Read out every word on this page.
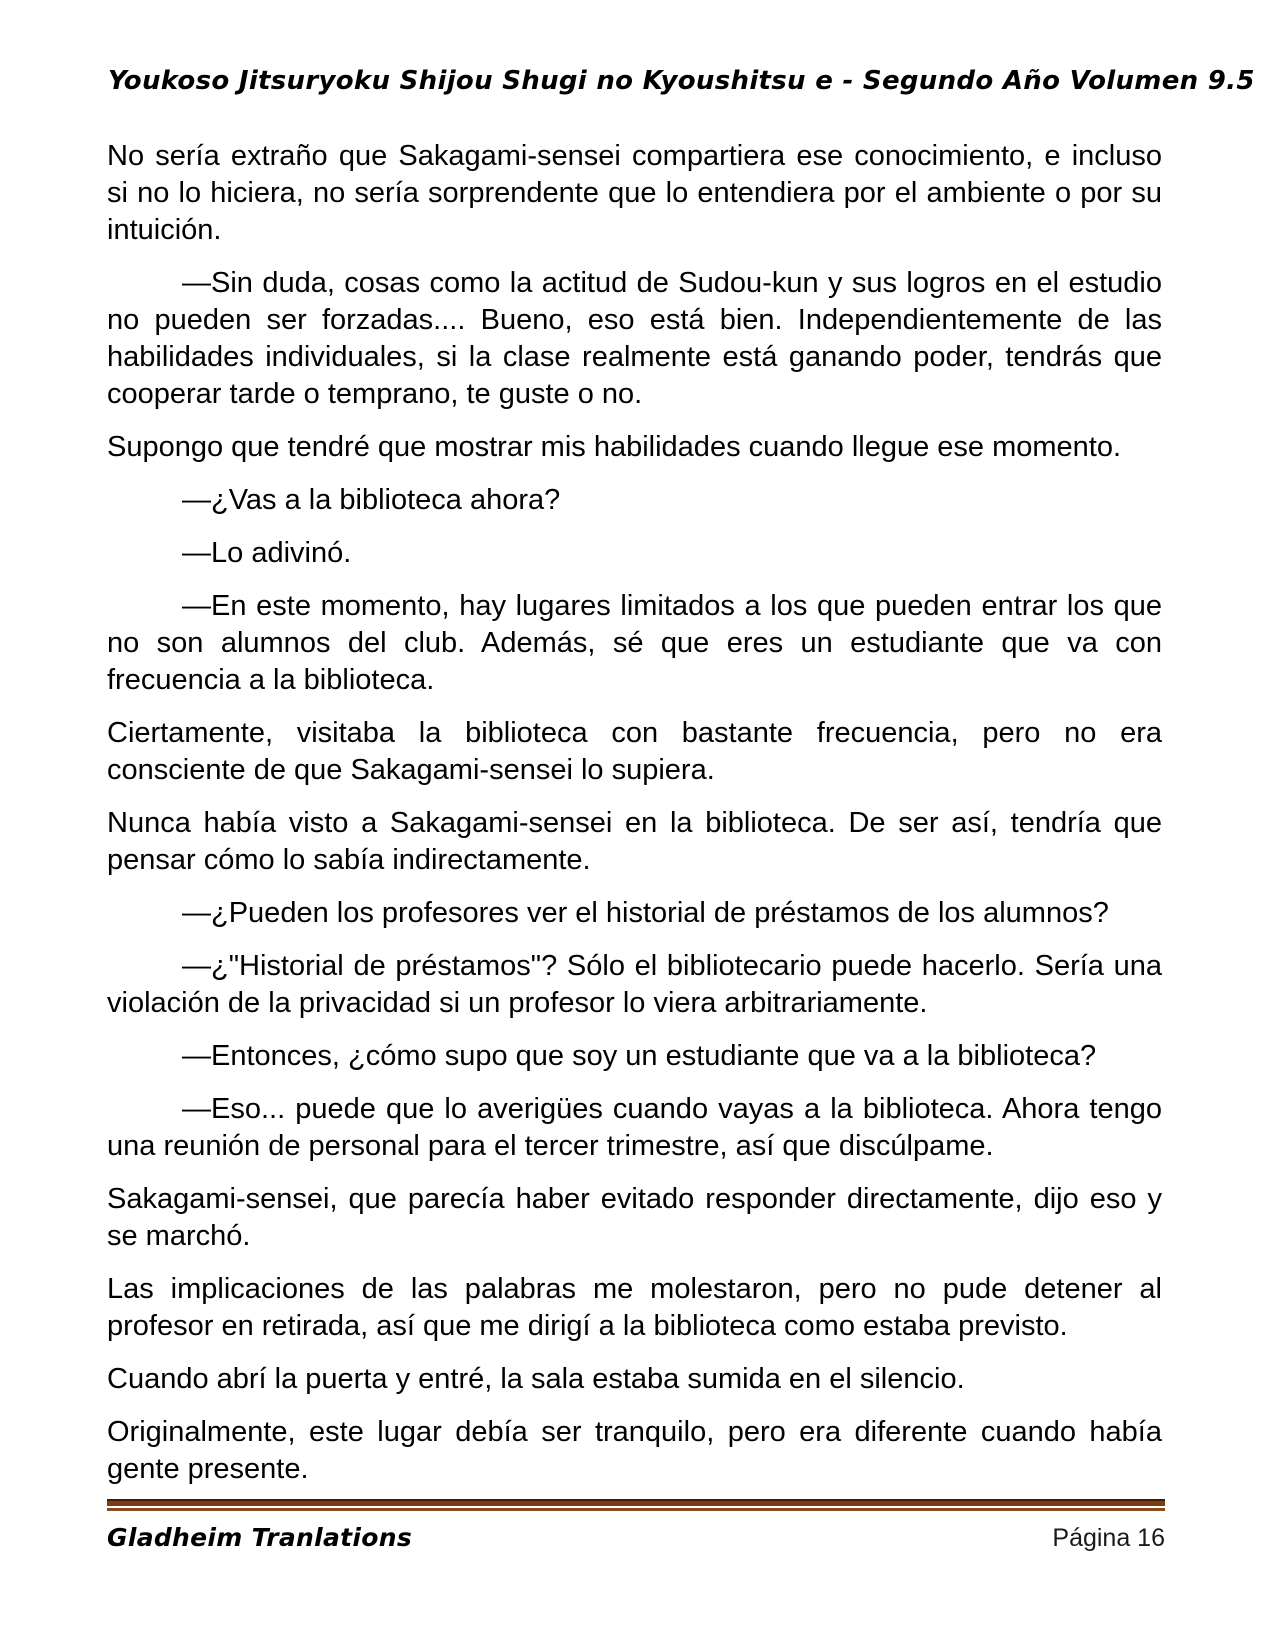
Youkoso Jitsuryoku Shijou Shugi no Kyoushitsu e - Segundo Año Volumen 9.5

No sería extraño que Sakagami-sensei compartiera ese conocimiento, e incluso si no lo hiciera, no sería sorprendente que lo entendiera por el ambiente o por su intuición.

—Sin duda, cosas como la actitud de Sudou-kun y sus logros en el estudio no pueden ser forzadas.... Bueno, eso está bien. Independientemente de las habilidades individuales, si la clase realmente está ganando poder, tendrás que cooperar tarde o temprano, te guste o no.

Supongo que tendré que mostrar mis habilidades cuando llegue ese momento.

—¿Vas a la biblioteca ahora?

—Lo adivinó.

—En este momento, hay lugares limitados a los que pueden entrar los que no son alumnos del club. Además, sé que eres un estudiante que va con frecuencia a la biblioteca.

Ciertamente, visitaba la biblioteca con bastante frecuencia, pero no era consciente de que Sakagami-sensei lo supiera.

Nunca había visto a Sakagami-sensei en la biblioteca. De ser así, tendría que pensar cómo lo sabía indirectamente.

—¿Pueden los profesores ver el historial de préstamos de los alumnos?

—¿"Historial de préstamos"? Sólo el bibliotecario puede hacerlo. Sería una violación de la privacidad si un profesor lo viera arbitrariamente.

—Entonces, ¿cómo supo que soy un estudiante que va a la biblioteca?

—Eso... puede que lo averigües cuando vayas a la biblioteca. Ahora tengo una reunión de personal para el tercer trimestre, así que discúlpame.

Sakagami-sensei, que parecía haber evitado responder directamente, dijo eso y se marchó.

Las implicaciones de las palabras me molestaron, pero no pude detener al profesor en retirada, así que me dirigí a la biblioteca como estaba previsto.

Cuando abrí la puerta y entré, la sala estaba sumida en el silencio.

Originalmente, este lugar debía ser tranquilo, pero era diferente cuando había gente presente.

Gladheim Tranlations	Página 16
